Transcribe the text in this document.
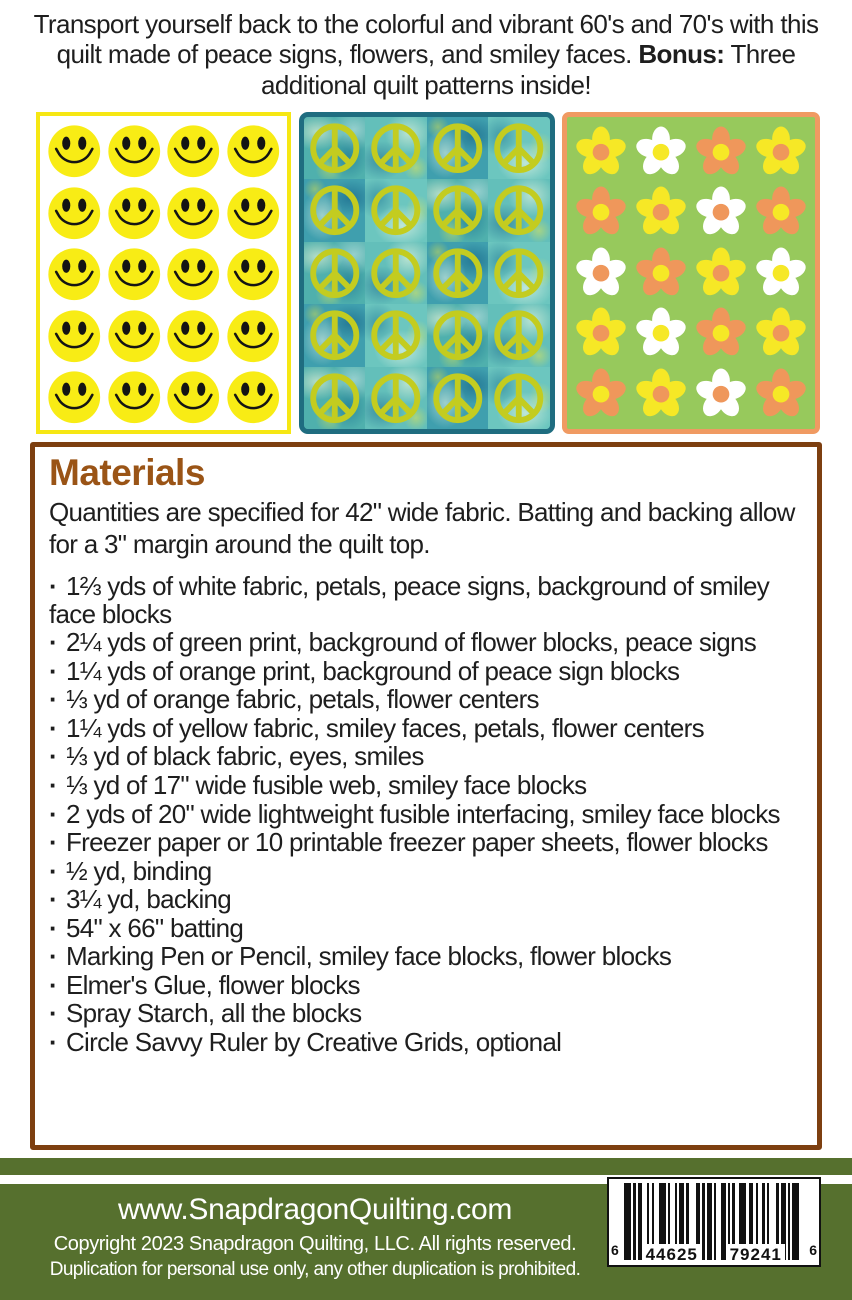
Transport yourself back to the colorful and vibrant 60's and 70's with this quilt made of peace signs, flowers, and smiley faces. Bonus: Three additional quilt patterns inside!
Materials
Quantities are specified for 42" wide fabric. Batting and backing allow for a 3" margin around the quilt top.
· 1⅔ yds of white fabric, petals, peace signs, background of smiley face blocks
· 2¼ yds of green print, background of flower blocks, peace signs
· 1¼ yds of orange print, background of peace sign blocks
· ⅓ yd of orange fabric, petals, flower centers
· 1¼ yds of yellow fabric, smiley faces, petals, flower centers
· ⅓ yd of black fabric, eyes, smiles
· ⅓ yd of 17" wide fusible web, smiley face blocks
· 2 yds of 20" wide lightweight fusible interfacing, smiley face blocks
· Freezer paper or 10 printable freezer paper sheets, flower blocks
· ½ yd, binding
· 3¼ yd, backing
· 54" x 66" batting
· Marking Pen or Pencil, smiley face blocks, flower blocks
· Elmer's Glue, flower blocks
· Spray Starch, all the blocks
· Circle Savvy Ruler by Creative Grids, optional
www.SnapdragonQuilting.com
Copyright 2023 Snapdragon Quilting, LLC. All rights reserved.
Duplication for personal use only, any other duplication is prohibited.
6 44625 79241 6
